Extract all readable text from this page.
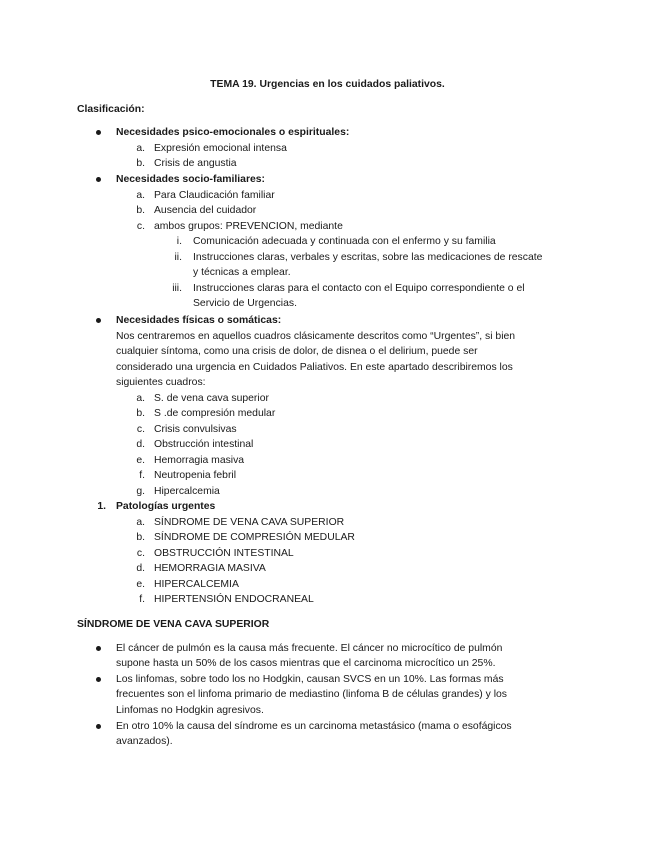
TEMA 19. Urgencias en los cuidados paliativos.
Clasificación:
Necesidades psico-emocionales o espirituales:
a. Expresión emocional intensa
b. Crisis de angustia
Necesidades socio-familiares:
a. Para Claudicación familiar
b. Ausencia del cuidador
c. ambos grupos: PREVENCION, mediante
i. Comunicación adecuada y continuada con el enfermo y su familia
ii. Instrucciones claras, verbales y escritas, sobre las medicaciones de rescate
y técnicas a emplear.
iii. Instrucciones claras para el contacto con el Equipo correspondiente o el
Servicio de Urgencias.
Necesidades físicas o somáticas:
Nos centraremos en aquellos cuadros clásicamente descritos como “Urgentes”, si bien
cualquier síntoma, como una crisis de dolor, de disnea o el delirium, puede ser
considerado una urgencia en Cuidados Paliativos. En este apartado describiremos los
siguientes cuadros:
a. S. de vena cava superior
b. S .de compresión medular
c. Crisis convulsivas
d. Obstrucción intestinal
e. Hemorragia masiva
f. Neutropenia febril
g. Hipercalcemia
1. Patologías urgentes
a. SÍNDROME DE VENA CAVA SUPERIOR
b. SÍNDROME DE COMPRESIÓN MEDULAR
c. OBSTRUCCIÓN INTESTINAL
d. HEMORRAGIA MASIVA
e. HIPERCALCEMIA
f. HIPERTENSIÓN ENDOCRANEAL
SÍNDROME DE VENA CAVA SUPERIOR
El cáncer de pulmón es la causa más frecuente. El cáncer no microcítico de pulmón
supone hasta un 50% de los casos mientras que el carcinoma microcítico un 25%.
Los linfomas, sobre todo los no Hodgkin, causan SVCS en un 10%. Las formas más
frecuentes son el linfoma primario de mediastino (linfoma B de células grandes) y los
Linfomas no Hodgkin agresivos.
En otro 10% la causa del síndrome es un carcinoma metastásico (mama o esofágicos
avanzados).
